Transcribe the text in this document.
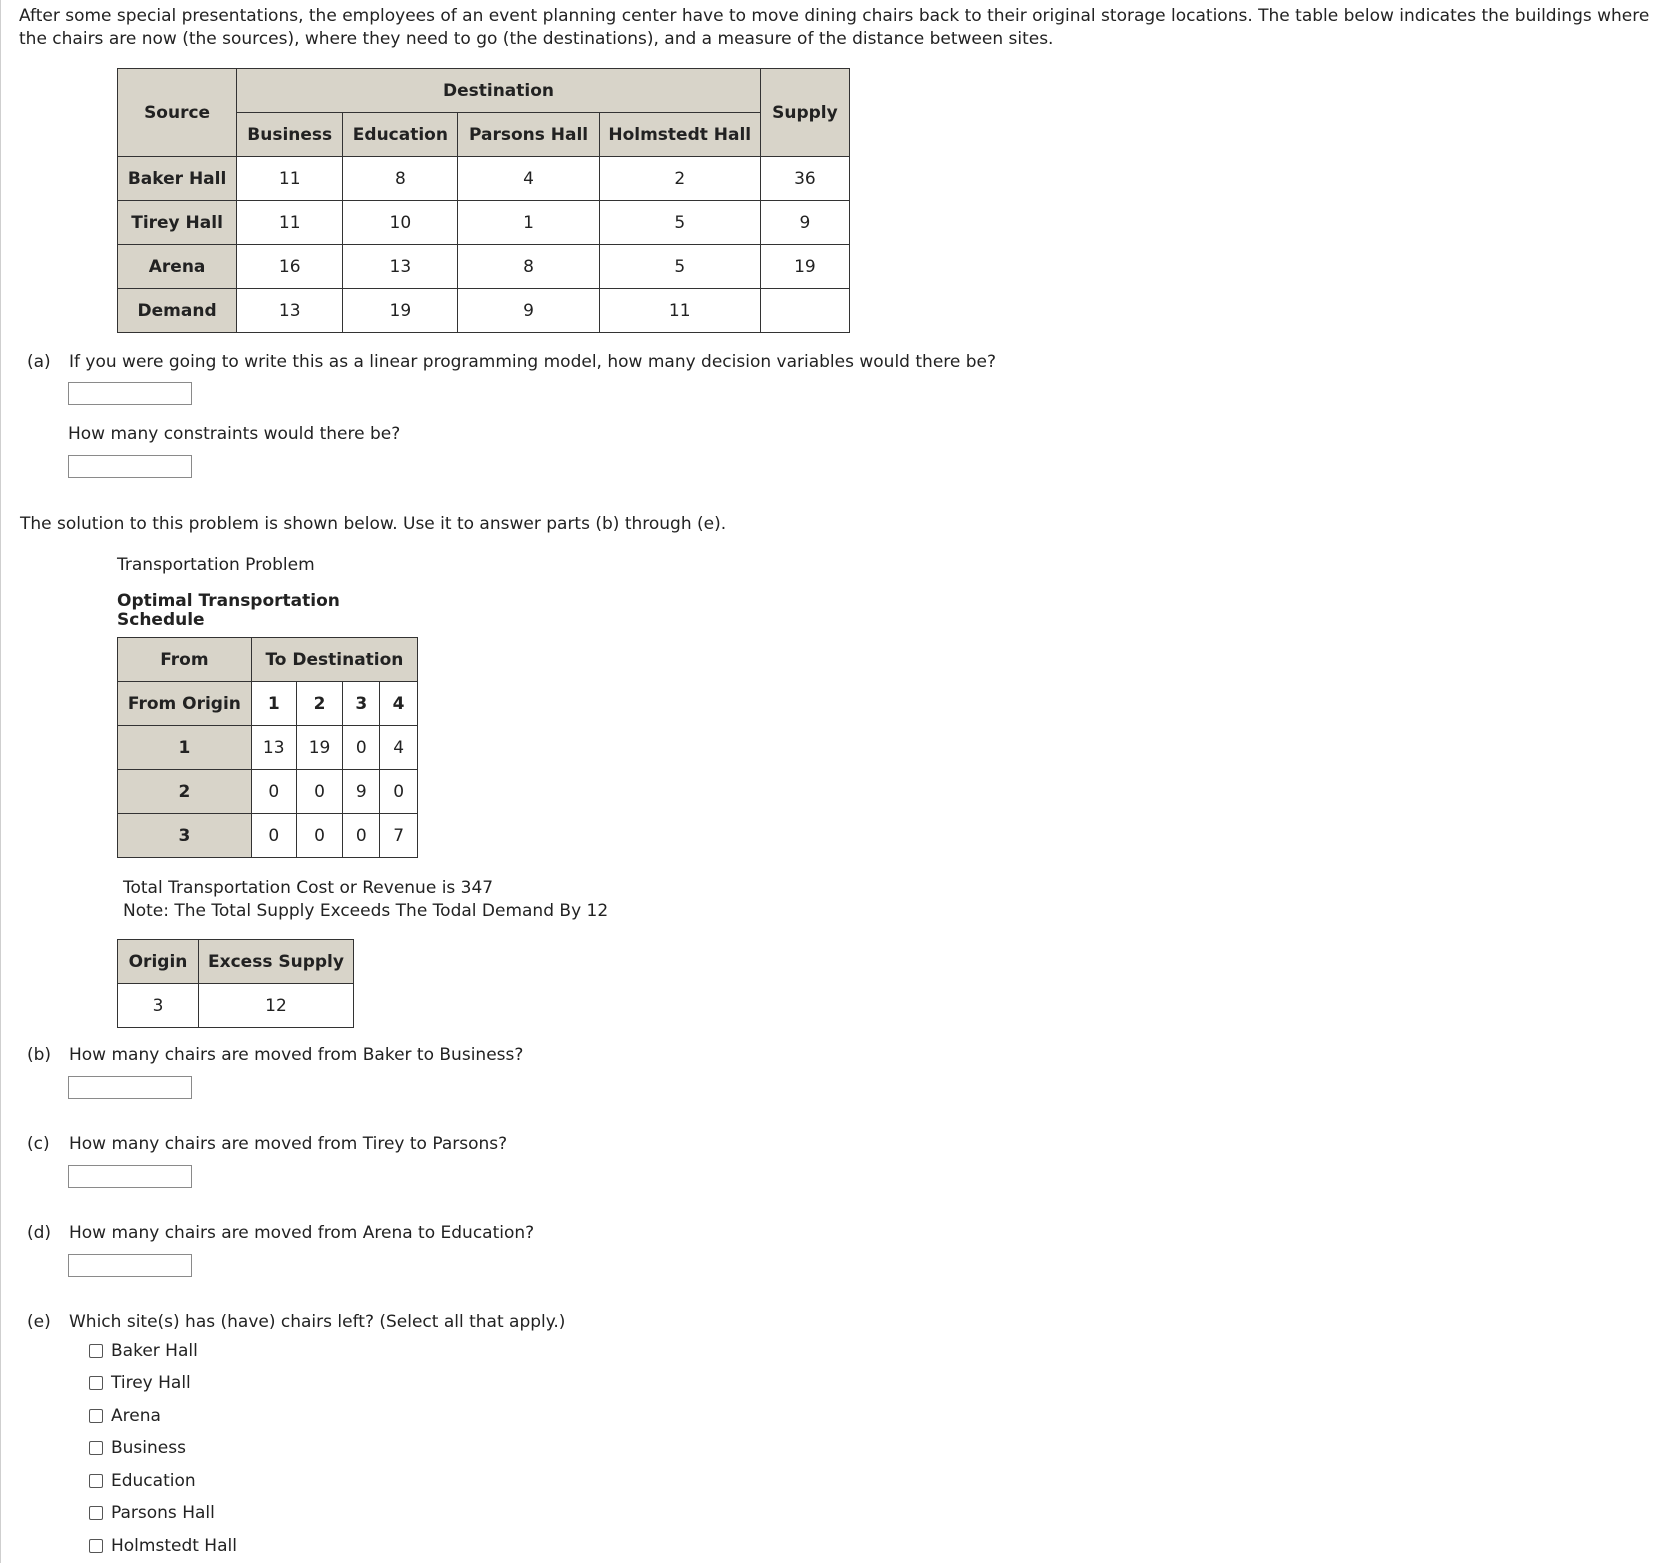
After some special presentations, the employees of an event planning center have to move dining chairs back to their original storage locations. The table below indicates the buildings where the chairs are now (the sources), where they need to go (the destinations), and a measure of the distance between sites.
Source	Destination				Supply
	Business	Education	Parsons Hall	Holmstedt Hall	
Baker Hall	11	8	4	2	36
Tirey Hall	11	10	1	5	9
Arena	16	13	8	5	19
Demand	13	19	9	11	
(a) If you were going to write this as a linear programming model, how many decision variables would there be?
How many constraints would there be?
The solution to this problem is shown below. Use it to answer parts (b) through (e).
Transportation Problem
Optimal Transportation Schedule
From	To Destination			
From Origin	1	2	3	4
1	13	19	0	4
2	0	0	9	0
3	0	0	0	7
Total Transportation Cost or Revenue is 347
Note: The Total Supply Exceeds The Todal Demand By 12
Origin	Excess Supply
3	12
(b) How many chairs are moved from Baker to Business?
(c) How many chairs are moved from Tirey to Parsons?
(d) How many chairs are moved from Arena to Education?
(e) Which site(s) has (have) chairs left? (Select all that apply.)
Baker Hall
Tirey Hall
Arena
Business
Education
Parsons Hall
Holmstedt Hall
